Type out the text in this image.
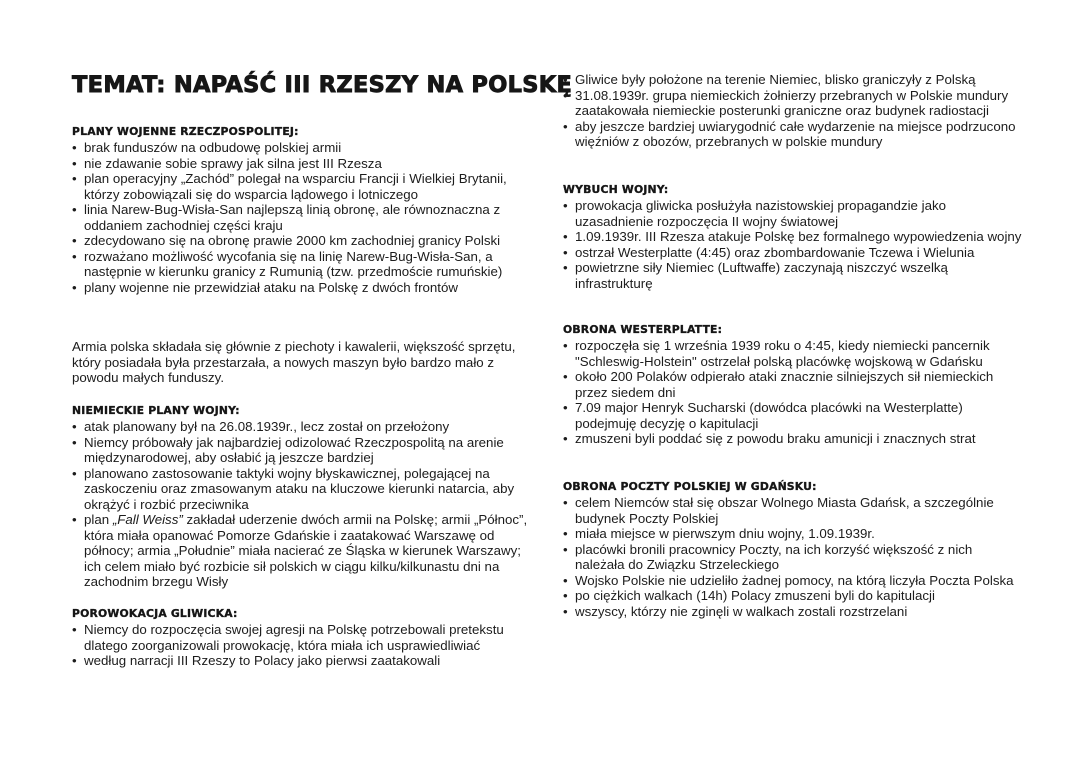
TEMAT: NAPAŚĆ III RZESZY NA POLSKĘ
PLANY WOJENNE RZECZPOSPOLITEJ:
• brak funduszów na odbudowę polskiej armii
• nie zdawanie sobie sprawy jak silna jest III Rzesza
• plan operacyjny „Zachód” polegał na wsparciu Francji i Wielkiej Brytanii, którzy zobowiązali się do wsparcia lądowego i lotniczego
• linia Narew-Bug-Wisła-San najlepszą linią obronę, ale równoznaczna z oddaniem zachodniej części kraju
• zdecydowano się na obronę prawie 2000 km zachodniej granicy Polski
• rozważano możliwość wycofania się na linię Narew-Bug-Wisła-San, a następnie w kierunku granicy z Rumunią (tzw. przedmoście rumuńskie)
• plany wojenne nie przewidział ataku na Polskę z dwóch frontów

Armia polska składała się głównie z piechoty i kawalerii, większość sprzętu, który posiadała była przestarzała, a nowych maszyn było bardzo mało z powodu małych funduszy.

NIEMIECKIE PLANY WOJNY:
• atak planowany był na 26.08.1939r., lecz został on przełożony
• Niemcy próbowały jak najbardziej odizolować Rzeczpospolitą na arenie międzynarodowej, aby osłabić ją jeszcze bardziej
• planowano zastosowanie taktyki wojny błyskawicznej, polegającej na zaskoczeniu oraz zmasowanym ataku na kluczowe kierunki natarcia, aby okrążyć i rozbić przeciwnika
• plan „Fall Weiss” zakładał uderzenie dwóch armii na Polskę; armii „Północ”, która miała opanować Pomorze Gdańskie i zaatakować Warszawę od północy; armia „Południe” miała nacierać ze Śląska w kierunek Warszawy; ich celem miało być rozbicie sił polskich w ciągu kilku/kilkunastu dni na zachodnim brzegu Wisły
POROWOKACJA GLIWICKA:
• Niemcy do rozpoczęcia swojej agresji na Polskę potrzebowali pretekstu dlatego zoorganizowali prowokację, która miała ich usprawiedliwiać
• według narracji III Rzeszy to Polacy jako pierwsi zaatakowali
• Gliwice były położone na terenie Niemiec, blisko graniczyły z Polską
• 31.08.1939r. grupa niemieckich żołnierzy przebranych w Polskie mundury zaatakowała niemieckie posterunki graniczne oraz budynek radiostacji
• aby jeszcze bardziej uwiarygodnić całe wydarzenie na miejsce podrzucono więźniów z obozów, przebranych w polskie mundury
WYBUCH WOJNY:
• prowokacja gliwicka posłużyła nazistowskiej propagandzie jako uzasadnienie rozpoczęcia II wojny światowej
• 1.09.1939r. III Rzesza atakuje Polskę bez formalnego wypowiedzenia wojny
• ostrzał Westerplatte (4:45) oraz zbombardowanie Tczewa i Wielunia
• powietrzne siły Niemiec (Luftwaffe) zaczynają niszczyć wszelką infrastrukturę
OBRONA WESTERPLATTE:
• rozpoczęła się 1 września 1939 roku o 4:45, kiedy niemiecki pancernik "Schleswig-Holstein" ostrzelał polską placówkę wojskową w Gdańsku
• około 200 Polaków odpierało ataki znacznie silniejszych sił niemieckich przez siedem dni
• 7.09 major Henryk Sucharski (dowódca placówki na Westerplatte) podejmuję decyzję o kapitulacji
• zmuszeni byli poddać się z powodu braku amunicji i znacznych strat
OBRONA POCZTY POLSKIEJ W GDAŃSKU:
• celem Niemców stał się obszar Wolnego Miasta Gdańsk, a szczególnie budynek Poczty Polskiej
• miała miejsce w pierwszym dniu wojny, 1.09.1939r.
• placówki bronili pracownicy Poczty, na ich korzyść większość z nich należała do Związku Strzeleckiego
• Wojsko Polskie nie udzieliło żadnej pomocy, na którą liczyła Poczta Polska
• po ciężkich walkach (14h) Polacy zmuszeni byli do kapitulacji
• wszyscy, którzy nie zginęli w walkach zostali rozstrzelani
